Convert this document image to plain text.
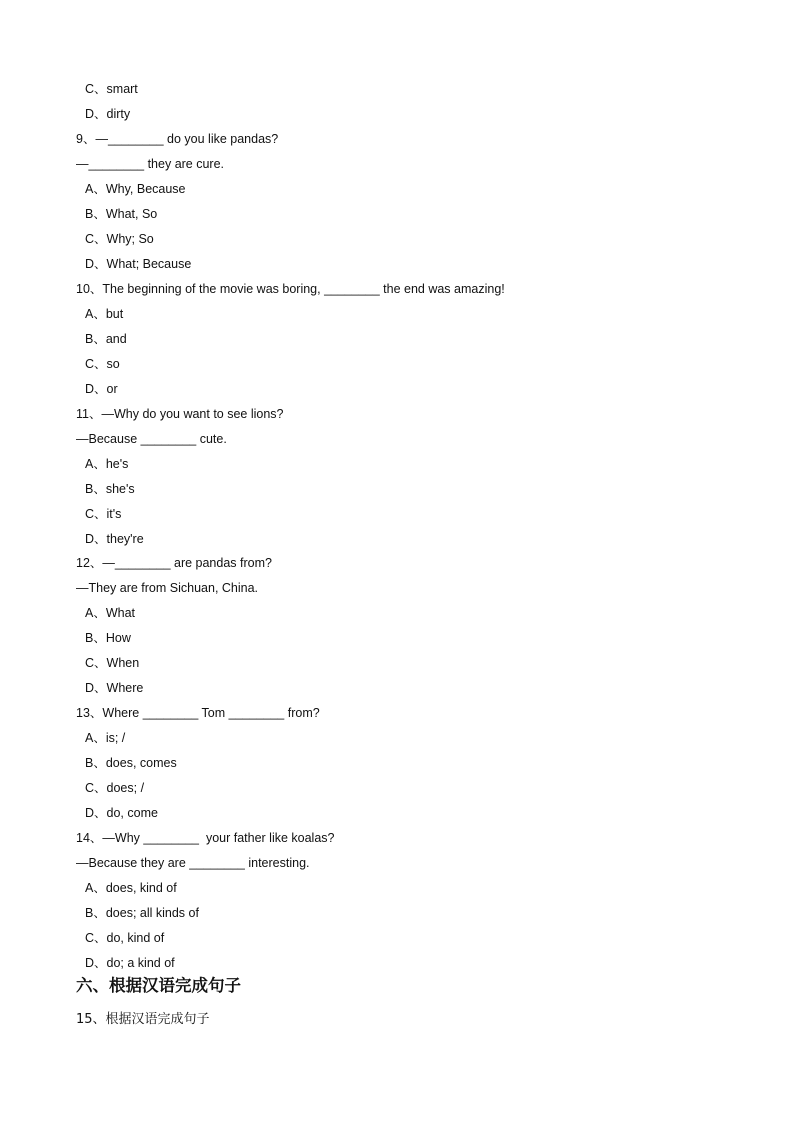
C、smart
D、dirty
9、—________ do you like pandas?
—________ they are cure.
A、Why, Because
B、What, So
C、Why; So
D、What; Because
10、The beginning of the movie was boring, ________ the end was amazing!
A、but
B、and
C、so
D、or
11、—Why do you want to see lions?
—Because ________ cute.
A、he's
B、she's
C、it's
D、they're
12、—________ are pandas from?
—They are from Sichuan, China.
A、What
B、How
C、When
D、Where
13、Where ________ Tom ________ from?
A、is; /
B、does, comes
C、does; /
D、do, come
14、—Why ________  your father like koalas?
—Because they are ________ interesting.
A、does, kind of
B、does; all kinds of
C、do, kind of
D、do; a kind of
六、根据汉语完成句子
15、根据汉语完成句子
